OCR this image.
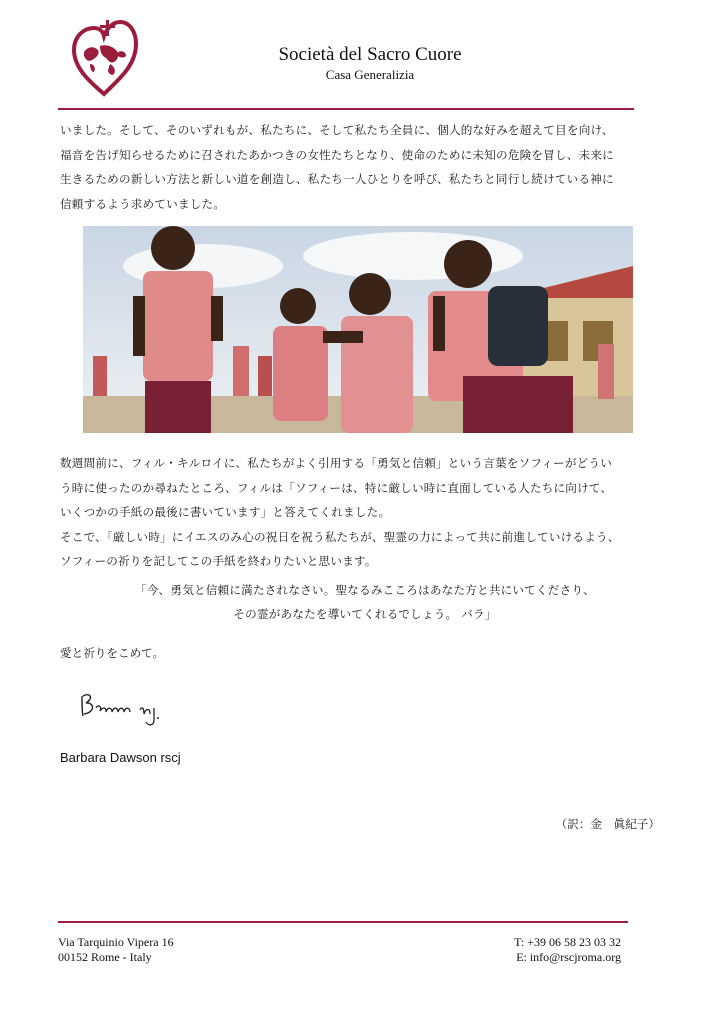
Società del Sacro Cuore
Casa Generalizia
いました。そして、そのいずれもが、私たちに、そして私たち全員に、個人的な好みを超えて目を向け、
福音を告げ知らせるために召されたあかつきの女性たちとなり、使命のために未知の危険を冒し、未来に
生きるための新しい方法と新しい道を創造し、私たち一人ひとりを呼び、私たちと同行し続けている神に
信頼するよう求めていました。
数週間前に、フィル・キルロイに、私たちがよく引用する「勇気と信頼」という言葉をソフィーがどうい
う時に使ったのか尋ねたところ、フィルは「ソフィーは、特に厳しい時に直面している人たちに向けて、
いくつかの手紙の最後に書いています」と答えてくれました。
そこで、「厳しい時」にイエスのみ心の祝日を祝う私たちが、聖霊の力によって共に前進していけるよう、
ソフィーの祈りを記してこの手紙を終わりたいと思います。
「今、勇気と信頼に満たされなさい。聖なるみこころはあなた方と共にいてくださり、
その霊があなたを導いてくれるでしょう。 バラ」
愛と祈りをこめて。
Barbara Dawson rscj
（訳：金　眞紀子）
Via Tarquinio Vipera 16
00152 Rome - Italy
T: +39 06 58 23 03 32
E: info@rscjroma.org
